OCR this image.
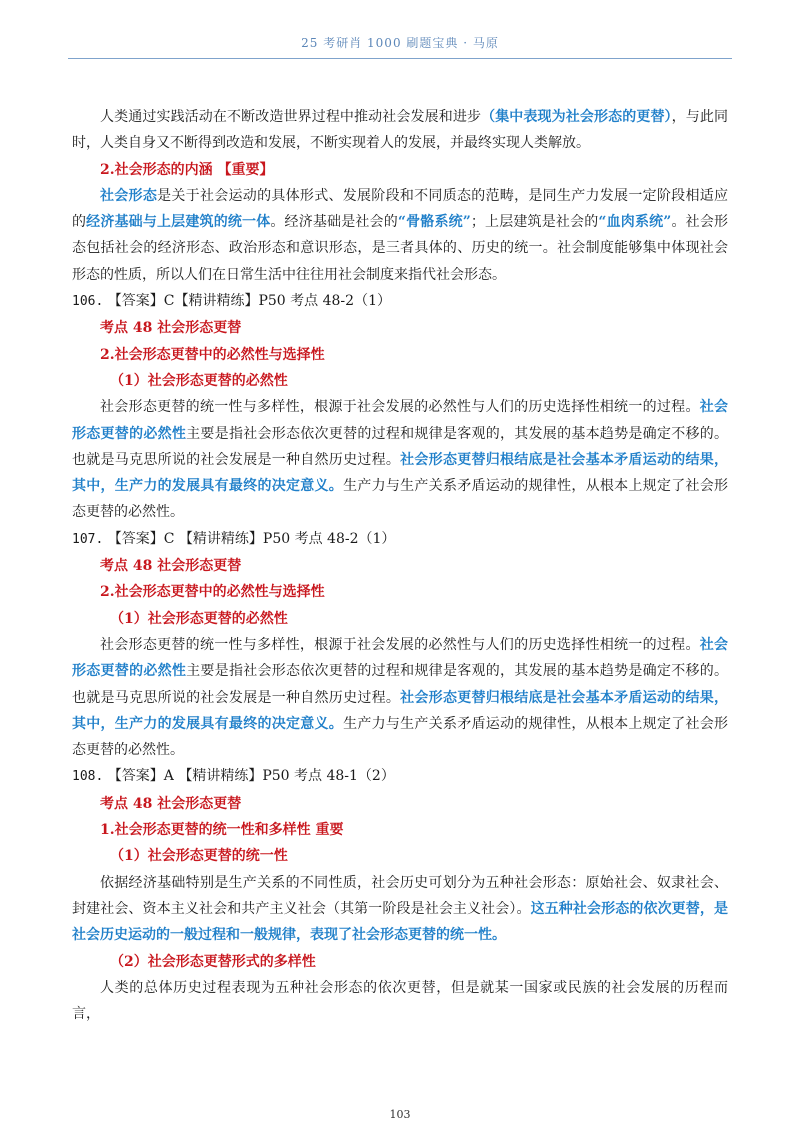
25 考研肖 1000 刷题宝典 · 马原

人类通过实践活动在不断改造世界过程中推动社会发展和进步（集中表现为社会形态的更替），与此同时，人类自身又不断得到改造和发展，不断实现着人的发展，并最终实现人类解放。

2.社会形态的内涵 【重要】

社会形态是关于社会运动的具体形式、发展阶段和不同质态的范畴，是同生产力发展一定阶段相适应的经济基础与上层建筑的统一体。经济基础是社会的“骨骼系统”；上层建筑是社会的“血肉系统”。社会形态包括社会的经济形态、政治形态和意识形态，是三者具体的、历史的统一。社会制度能够集中体现社会形态的性质，所以人们在日常生活中往往用社会制度来指代社会形态。

106. 【答案】C【精讲精练】P50 考点 48-2（1）

考点 48 社会形态更替

2.社会形态更替中的必然性与选择性

（1）社会形态更替的必然性

社会形态更替的统一性与多样性，根源于社会发展的必然性与人们的历史选择性相统一的过程。社会形态更替的必然性主要是指社会形态依次更替的过程和规律是客观的，其发展的基本趋势是确定不移的。也就是马克思所说的社会发展是一种自然历史过程。社会形态更替归根结底是社会基本矛盾运动的结果，其中，生产力的发展具有最终的决定意义。生产力与生产关系矛盾运动的规律性，从根本上规定了社会形态更替的必然性。

107. 【答案】C 【精讲精练】P50 考点 48-2（1）

考点 48 社会形态更替

2.社会形态更替中的必然性与选择性

（1）社会形态更替的必然性

社会形态更替的统一性与多样性，根源于社会发展的必然性与人们的历史选择性相统一的过程。社会形态更替的必然性主要是指社会形态依次更替的过程和规律是客观的，其发展的基本趋势是确定不移的。也就是马克思所说的社会发展是一种自然历史过程。社会形态更替归根结底是社会基本矛盾运动的结果，其中，生产力的发展具有最终的决定意义。生产力与生产关系矛盾运动的规律性，从根本上规定了社会形态更替的必然性。

108. 【答案】A 【精讲精练】P50 考点 48-1（2）

考点 48 社会形态更替

1.社会形态更替的统一性和多样性 重要

（1）社会形态更替的统一性

依据经济基础特别是生产关系的不同性质，社会历史可划分为五种社会形态：原始社会、奴隶社会、封建社会、资本主义社会和共产主义社会（其第一阶段是社会主义社会）。这五种社会形态的依次更替，是社会历史运动的一般过程和一般规律，表现了社会形态更替的统一性。

（2）社会形态更替形式的多样性

人类的总体历史过程表现为五种社会形态的依次更替，但是就某一国家或民族的社会发展的历程而言，

103
